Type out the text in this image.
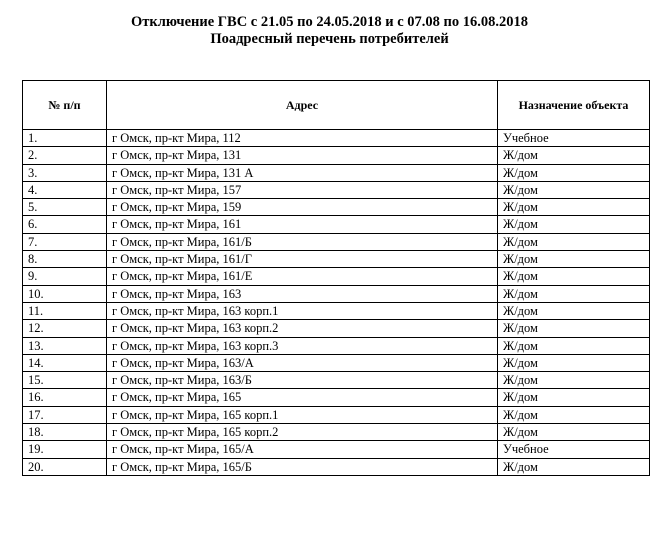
Отключение ГВС с 21.05 по 24.05.2018 и с 07.08 по 16.08.2018
Поадресный перечень потребителей
№ п/п	Адрес	Назначение объекта
1.	г Омск, пр-кт Мира, 112	Учебное
2.	г Омск, пр-кт Мира, 131	Ж/дом
3.	г Омск, пр-кт Мира, 131 А	Ж/дом
4.	г Омск, пр-кт Мира, 157	Ж/дом
5.	г Омск, пр-кт Мира, 159	Ж/дом
6.	г Омск, пр-кт Мира, 161	Ж/дом
7.	г Омск, пр-кт Мира, 161/Б	Ж/дом
8.	г Омск, пр-кт Мира, 161/Г	Ж/дом
9.	г Омск, пр-кт Мира, 161/Е	Ж/дом
10.	г Омск, пр-кт Мира, 163	Ж/дом
11.	г Омск, пр-кт Мира, 163 корп.1	Ж/дом
12.	г Омск, пр-кт Мира, 163 корп.2	Ж/дом
13.	г Омск, пр-кт Мира, 163 корп.3	Ж/дом
14.	г Омск, пр-кт Мира, 163/А	Ж/дом
15.	г Омск, пр-кт Мира, 163/Б	Ж/дом
16.	г Омск, пр-кт Мира, 165	Ж/дом
17.	г Омск, пр-кт Мира, 165 корп.1	Ж/дом
18.	г Омск, пр-кт Мира, 165 корп.2	Ж/дом
19.	г Омск, пр-кт Мира, 165/А	Учебное
20.	г Омск, пр-кт Мира, 165/Б	Ж/дом
